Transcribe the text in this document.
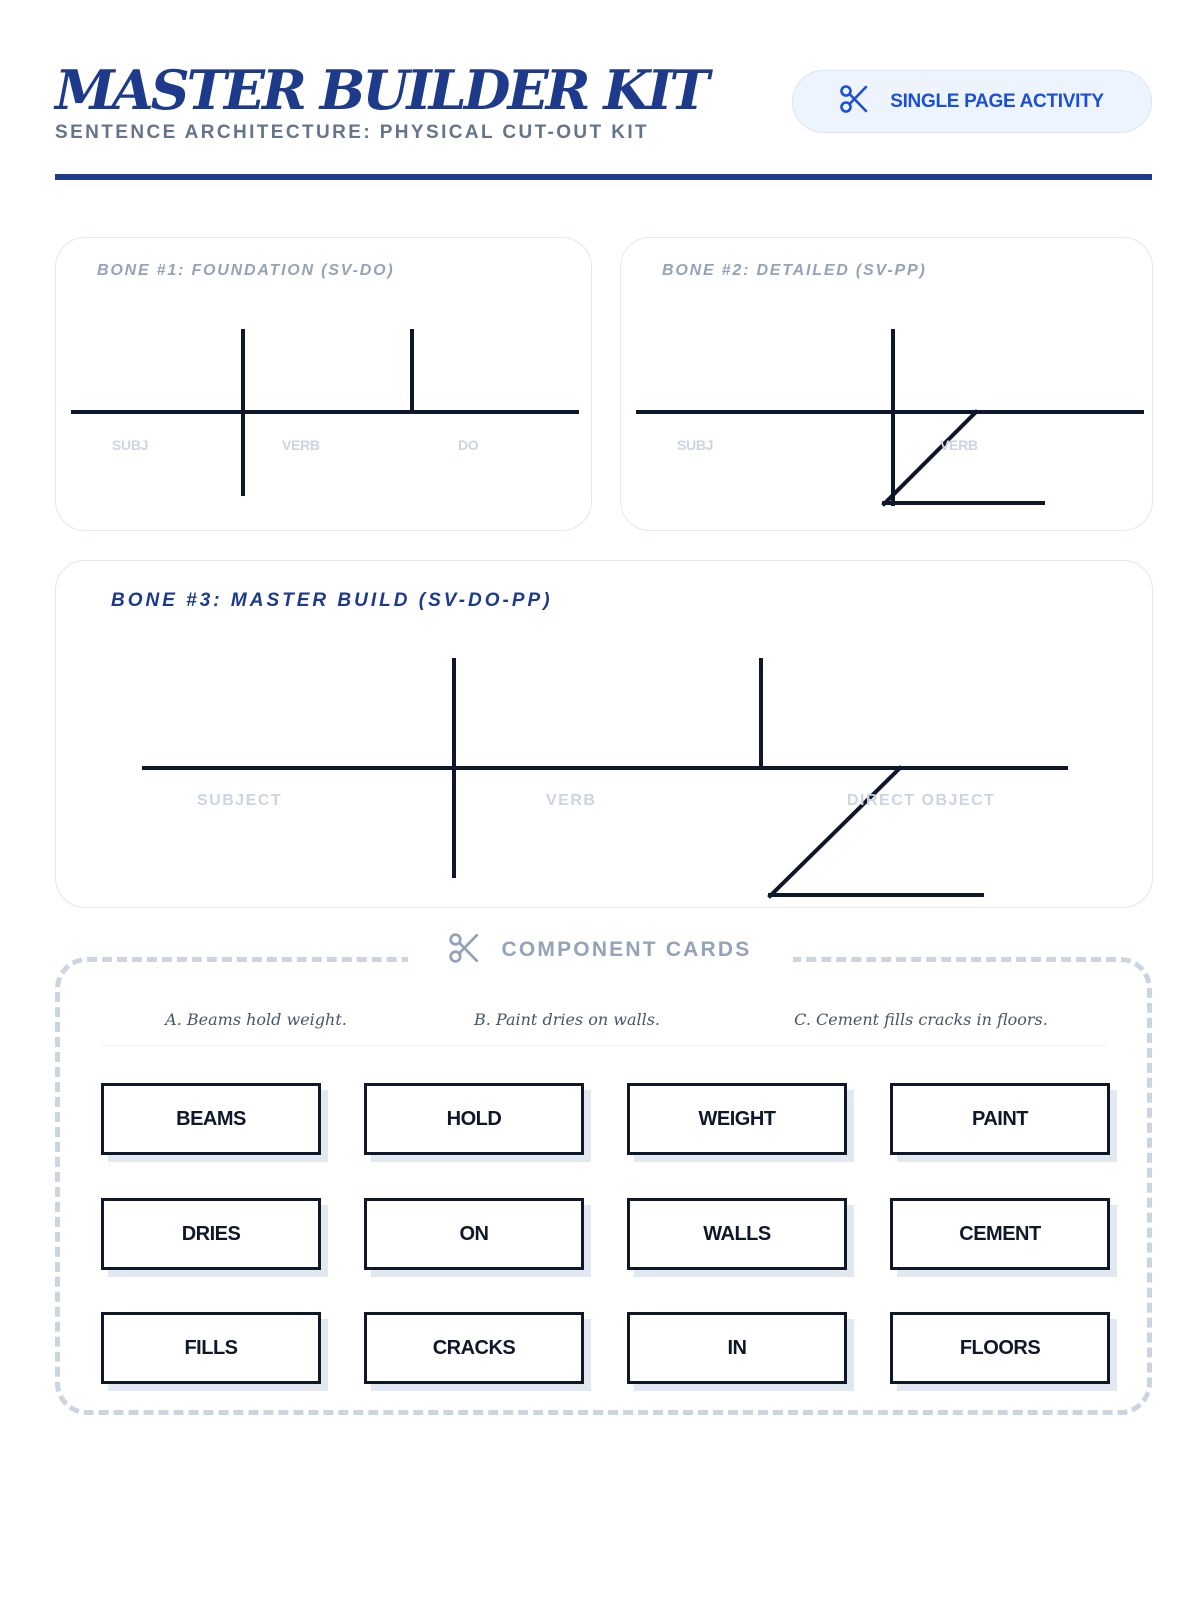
MASTER BUILDER KIT
SENTENCE ARCHITECTURE: PHYSICAL CUT-OUT KIT
SINGLE PAGE ACTIVITY
BONE #1: FOUNDATION (SV-DO)
SUBJ	VERB	DO
BONE #2: DETAILED (SV-PP)
SUBJ	VERB
BONE #3: MASTER BUILD (SV-DO-PP)
SUBJECT	VERB	DIRECT OBJECT
COMPONENT CARDS
A. Beams hold weight.	B. Paint dries on walls.	C. Cement fills cracks in floors.
BEAMS	HOLD	WEIGHT	PAINT
DRIES	ON	WALLS	CEMENT
FILLS	CRACKS	IN	FLOORS
